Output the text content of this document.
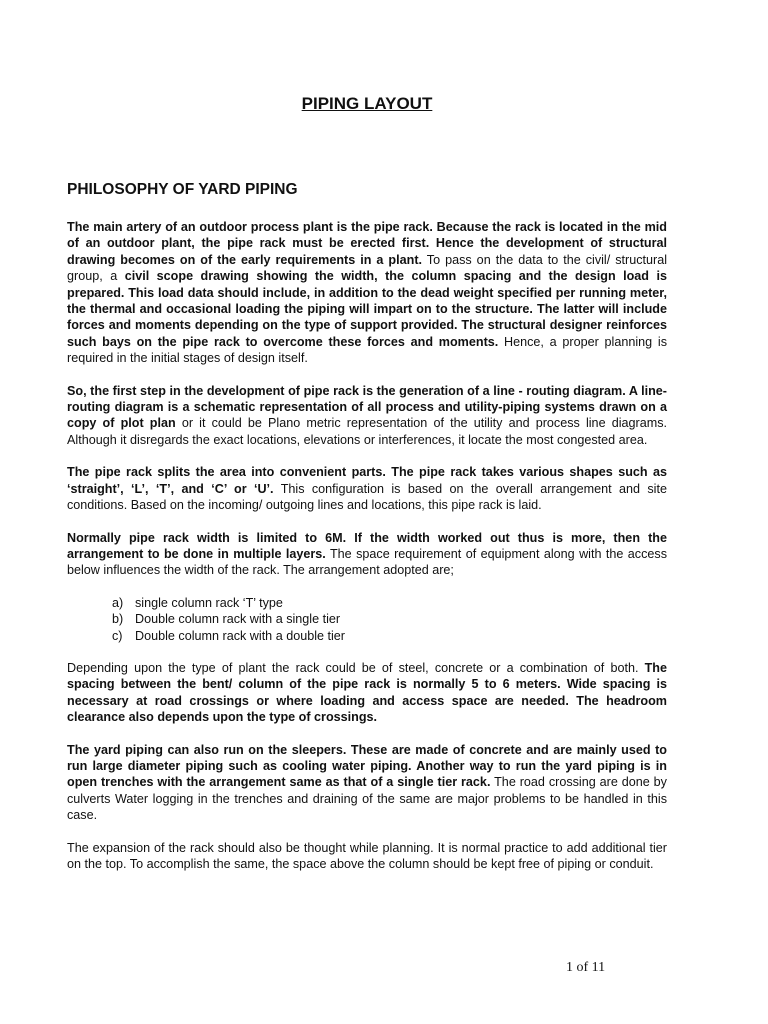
PIPING LAYOUT
PHILOSOPHY OF YARD PIPING

The main artery of an outdoor process plant is the pipe rack. Because the rack is located in the mid of an outdoor plant, the pipe rack must be erected first. Hence the development of structural drawing becomes on of the early requirements in a plant. To pass on the data to the civil/ structural group, a civil scope drawing showing the width, the column spacing and the design load is prepared. This load data should include, in addition to the dead weight specified per running meter, the thermal and occasional loading the piping will impart on to the structure. The latter will include forces and moments depending on the type of support provided. The structural designer reinforces such bays on the pipe rack to overcome these forces and moments. Hence, a proper planning is required in the initial stages of design itself.

So, the first step in the development of pipe rack is the generation of a line - routing diagram. A line- routing diagram is a schematic representation of all process and utility-piping systems drawn on a copy of plot plan or it could be Plano metric representation of the utility and process line diagrams. Although it disregards the exact locations, elevations or interferences, it locate the most congested area.

The pipe rack splits the area into convenient parts. The pipe rack takes various shapes such as ‘straight’, ‘L’, ‘T’, and ‘C’ or ‘U’. This configuration is based on the overall arrangement and site conditions. Based on the incoming/ outgoing lines and locations, this pipe rack is laid.

Normally pipe rack width is limited to 6M. If the width worked out thus is more, then the arrangement to be done in multiple layers. The space requirement of equipment along with the access below influences the width of the rack. The arrangement adopted are;

a) single column rack ‘T’ type
b) Double column rack with a single tier
c) Double column rack with a double tier

Depending upon the type of plant the rack could be of steel, concrete or a combination of both. The spacing between the bent/ column of the pipe rack is normally 5 to 6 meters. Wide spacing is necessary at road crossings or where loading and access space are needed. The headroom clearance also depends upon the type of crossings.

The yard piping can also run on the sleepers. These are made of concrete and are mainly used to run large diameter piping such as cooling water piping. Another way to run the yard piping is in open trenches with the arrangement same as that of a single tier rack. The road crossing are done by culverts Water logging in the trenches and draining of the same are major problems to be handled in this case.

The expansion of the rack should also be thought while planning. It is normal practice to add additional tier on the top. To accomplish the same, the space above the column should be kept free of piping or conduit.

1 of 11
